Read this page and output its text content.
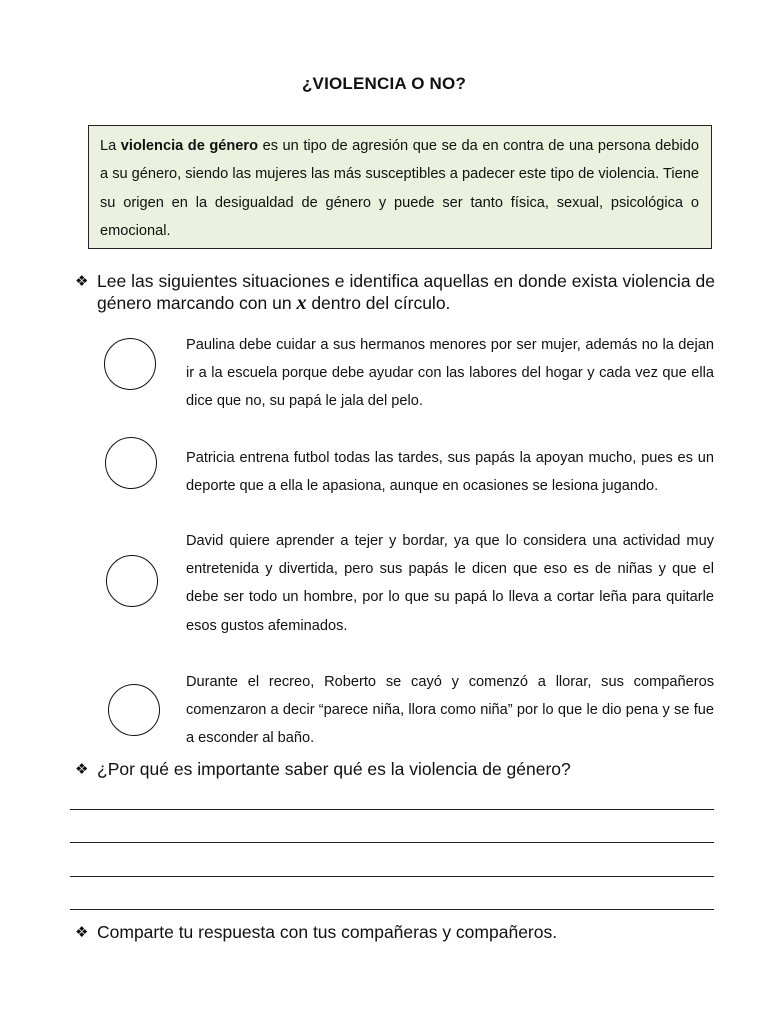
¿VIOLENCIA O NO?
La violencia de género es un tipo de agresión que se da en contra de una persona debido a su género, siendo las mujeres las más susceptibles a padecer este tipo de violencia. Tiene su origen en la desigualdad de género y puede ser tanto física, sexual, psicológica o emocional.
❖ Lee las siguientes situaciones e identifica aquellas en donde exista violencia de género marcando con un x dentro del círculo.
Paulina debe cuidar a sus hermanos menores por ser mujer, además no la dejan ir a la escuela porque debe ayudar con las labores del hogar y cada vez que ella dice que no, su papá le jala del pelo.
Patricia entrena futbol todas las tardes, sus papás la apoyan mucho, pues es un deporte que a ella le apasiona, aunque en ocasiones se lesiona jugando.
David quiere aprender a tejer y bordar, ya que lo considera una actividad muy entretenida y divertida, pero sus papás le dicen que eso es de niñas y que el debe ser todo un hombre, por lo que su papá lo lleva a cortar leña para quitarle esos gustos afeminados.
Durante el recreo, Roberto se cayó y comenzó a llorar, sus compañeros comenzaron a decir “parece niña, llora como niña” por lo que le dio pena y se fue a esconder al baño.
❖ ¿Por qué es importante saber qué es la violencia de género?
❖ Comparte tu respuesta con tus compañeras y compañeros.
